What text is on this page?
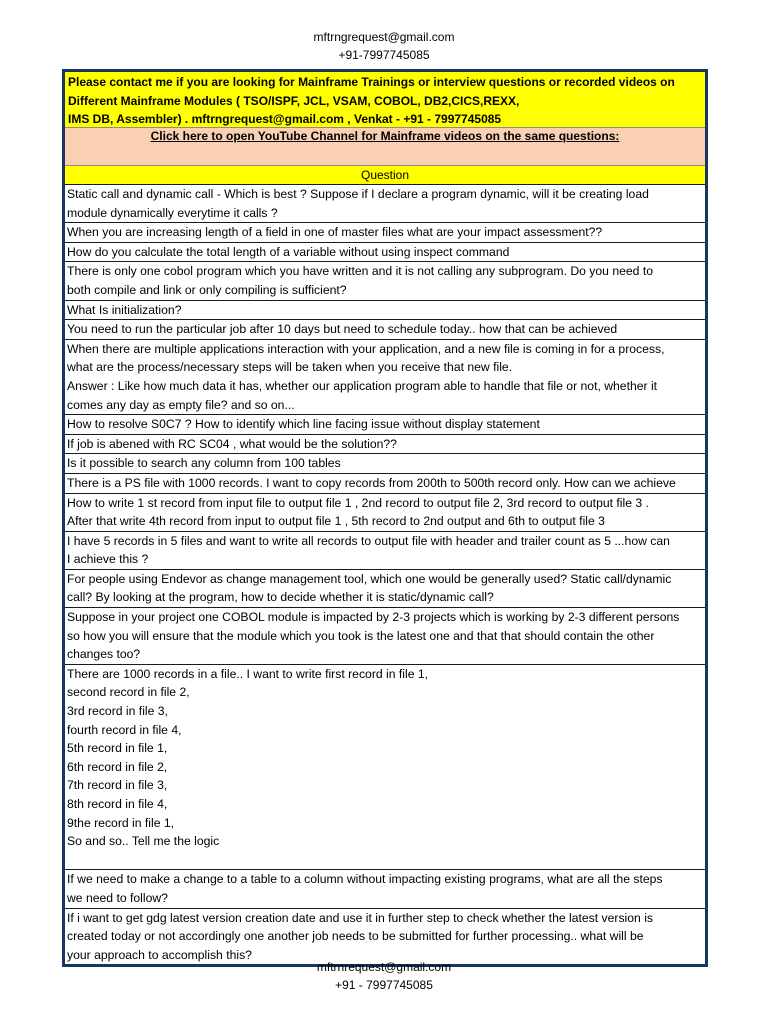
mftrngrequest@gmail.com
+91-7997745085
Please contact me if you are looking for Mainframe Trainings or interview questions or recorded videos on
Different Mainframe Modules ( TSO/ISPF, JCL, VSAM, COBOL, DB2,CICS,REXX,
IMS DB, Assembler) . mftrngrequest@gmail.com , Venkat - +91 - 7997745085
Click here to open YouTube Channel for Mainframe videos on the same questions:
Question
Static call and dynamic call - Which is best ? Suppose if I declare a program dynamic, will it be creating load
module dynamically everytime it calls ?
When you are increasing length of a field in one of master files what are your impact assessment??
How do you calculate the total length of a variable without using inspect command
There is only one cobol program which you have written and it is not calling any subprogram. Do you need to
both compile and link or only compiling is sufficient?
What Is initialization?
You need to run the particular job after 10 days but need to schedule today.. how that can be achieved
When there are multiple applications interaction with your application, and a new file is coming in for a process,
what are the process/necessary steps will be taken when you receive that new file.
Answer : Like how much data it has, whether our application program able to handle that file or not, whether it
comes any day as empty file? and so on...
How to resolve S0C7 ? How to identify which line facing issue without display statement
If job is abened with RC SC04 , what would be the solution??
Is it possible to search any column from 100 tables
There is a PS file with 1000 records. I want to copy records from 200th to 500th record only. How can we achieve
How to write 1 st record from input file to output file 1 , 2nd record to output file 2, 3rd record to output file 3 .
After that write 4th record from input to output file 1 , 5th record to 2nd output and 6th to output file 3
I have 5 records in 5 files and want to write all records to output file with header and trailer count as 5 ...how can
I achieve this ?
For people using Endevor as change management tool, which one would be generally used? Static call/dynamic
call? By looking at the program, how to decide whether it is static/dynamic call?
Suppose in your project one COBOL module is impacted by 2-3 projects which is working by 2-3 different persons
so how you will ensure that the module which you took is the latest one and that that should contain the other
changes too?
There are 1000 records in a file.. I want to write first record in file 1,
second record in file 2,
3rd record in file 3,
fourth record in file 4,
5th record in file 1,
6th record in file 2,
7th record in file 3,
8th record in file 4,
9the record in file 1,
So and so.. Tell me the logic
If we need to make a change to a table to a column without impacting existing programs, what are all the steps
we need to follow?
If i want to get gdg latest version creation date and use it in further step to check whether the latest version is
created today or not accordingly one another job needs to be submitted for further processing.. what will be
your approach to accomplish this?
mftrnrequest@gmail.com
+91 - 7997745085
